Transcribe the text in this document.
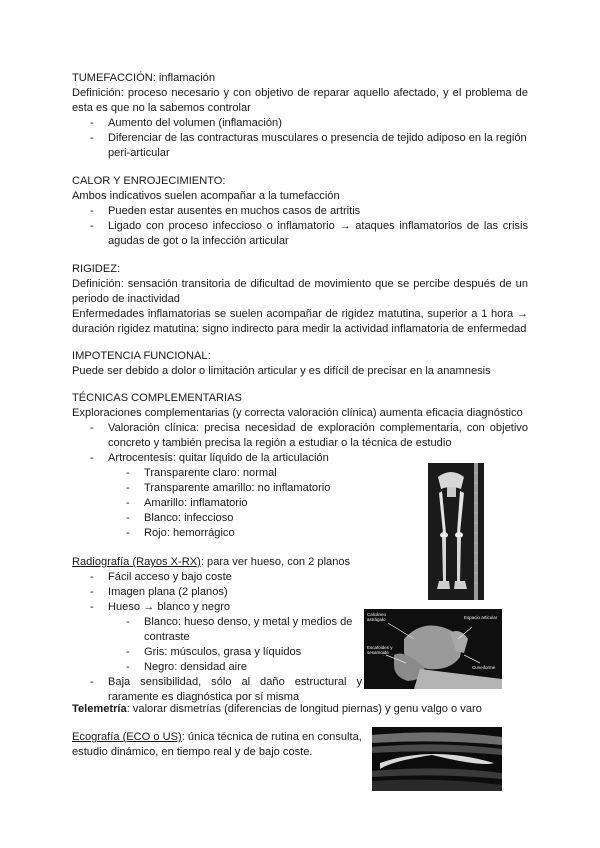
TUMEFACCIÓN: inflamación
Definición: proceso necesario y con objetivo de reparar aquello afectado, y el problema de esta es que no la sabemos controlar
- Aumento del volumen (inflamación)
- Diferenciar de las contracturas musculares o presencia de tejido adiposo en la región peri-articular
CALOR Y ENROJECIMIENTO:
Ambos indicativos suelen acompañar a la tumefacción
- Pueden estar ausentes en muchos casos de artritis
- Ligado con proceso infeccioso o inflamatorio → ataques inflamatorios de las crisis agudas de got o la infección articular
RIGIDEZ:
Definición: sensación transitoria de dificultad de movimiento que se percibe después de un periodo de inactividad
Enfermedades inflamatorias se suelen acompañar de rigidez matutina, superior a 1 hora → duración rigidez matutina: signo indirecto para medir la actividad inflamatoria de enfermedad
IMPOTENCIA FUNCIONAL:
Puede ser debido a dolor o limitación articular y es difícil de precisar en la anamnesis
TÉCNICAS COMPLEMENTARIAS
Exploraciones complementarias (y correcta valoración clínica) aumenta eficacia diagnóstico
- Valoración clínica: precisa necesidad de exploración complementaria, con objetivo concreto y también precisa la región a estudiar o la técnica de estudio
- Artrocentesis: quitar líquido de la articulación
- Transparente claro: normal
- Transparente amarillo: no inflamatorio
- Amarillo: inflamatorio
- Blanco: infeccioso
- Rojo: hemorrágico
Radiografía (Rayos X-RX): para ver hueso, con 2 planos
- Fácil acceso y bajo coste
- Imagen plana (2 planos)
- Hueso → blanco y negro
- Blanco: hueso denso, y metal y medios de contraste
- Gris: músculos, grasa y líquidos
- Negro: densidad aire
- Baja sensibilidad, sólo al daño estructural y raramente es diagnóstica por sí misma
Telemetría: valorar dismetrías (diferencias de longitud piernas) y genu valgo o varo
Ecografía (ECO o US): única técnica de rutina en consulta, estudio dinámico, en tiempo real y de bajo coste.
Calcáneo astrágalo	Espacio articular
Escafoides y sesamoide
Cuneiforme
